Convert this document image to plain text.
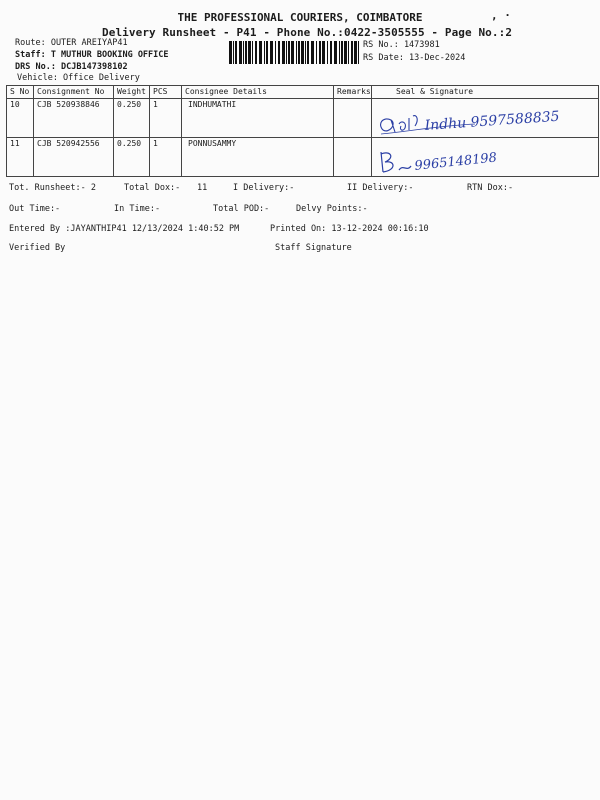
THE PROFESSIONAL COURIERS, COIMBATORE	, ·
Delivery Runsheet - P41 - Phone No.:0422-3505555 - Page No.:2
Route: OUTER AREIYAP41
Staff: T MUTHUR BOOKING OFFICE
DRS No.: DCJB147398102
Vehicle: Office Delivery
RS No.: 1473981
RS Date: 13-Dec-2024
S No	Consignment No	Weight	PCS	Consignee Details	Remarks	Seal & Signature
10	CJB 520938846	0.250	1	INDHUMATHI		
11	CJB 520942556	0.250	1	PONNUSAMMY		
Indhu 9597588835
9965148198
Tot. Runsheet:- 2	Total Dox:- 11	I Delivery:-	II Delivery:-	RTN Dox:-
Out Time:-	In Time:-	Total POD:-	Delvy Points:-
Entered By :JAYANTHIP41 12/13/2024 1:40:52 PM	Printed On: 13-12-2024 00:16:10
Verified By	Staff Signature
